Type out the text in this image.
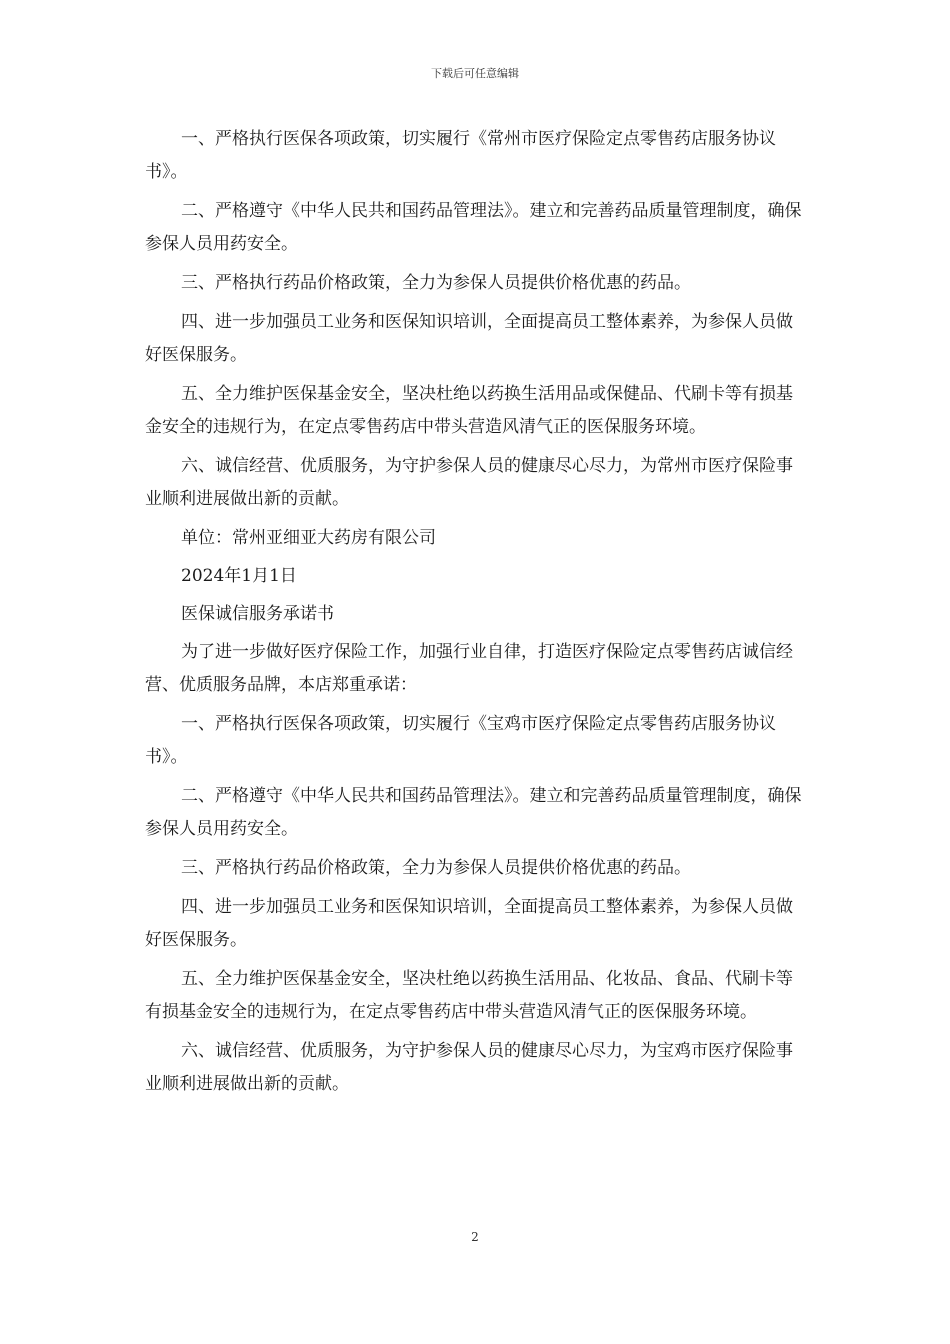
下载后可任意编辑

一、严格执行医保各项政策，切实履行《常州市医疗保险定点零售药店服务协议书》。

二、严格遵守《中华人民共和国药品管理法》。建立和完善药品质量管理制度，确保参保人员用药安全。

三、严格执行药品价格政策，全力为参保人员提供价格优惠的药品。

四、进一步加强员工业务和医保知识培训，全面提高员工整体素养，为参保人员做好医保服务。

五、全力维护医保基金安全，坚决杜绝以药换生活用品或保健品、代刷卡等有损基金安全的违规行为，在定点零售药店中带头营造风清气正的医保服务环境。

六、诚信经营、优质服务，为守护参保人员的健康尽心尽力，为常州市医疗保险事业顺利进展做出新的贡献。

单位：常州亚细亚大药房有限公司

2024年1月1日

医保诚信服务承诺书

为了进一步做好医疗保险工作，加强行业自律，打造医疗保险定点零售药店诚信经营、优质服务品牌，本店郑重承诺：

一、严格执行医保各项政策，切实履行《宝鸡市医疗保险定点零售药店服务协议书》。

二、严格遵守《中华人民共和国药品管理法》。建立和完善药品质量管理制度，确保参保人员用药安全。

三、严格执行药品价格政策，全力为参保人员提供价格优惠的药品。

四、进一步加强员工业务和医保知识培训，全面提高员工整体素养，为参保人员做好医保服务。

五、全力维护医保基金安全，坚决杜绝以药换生活用品、化妆品、食品、代刷卡等有损基金安全的违规行为，在定点零售药店中带头营造风清气正的医保服务环境。

六、诚信经营、优质服务，为守护参保人员的健康尽心尽力，为宝鸡市医疗保险事业顺利进展做出新的贡献。

2
